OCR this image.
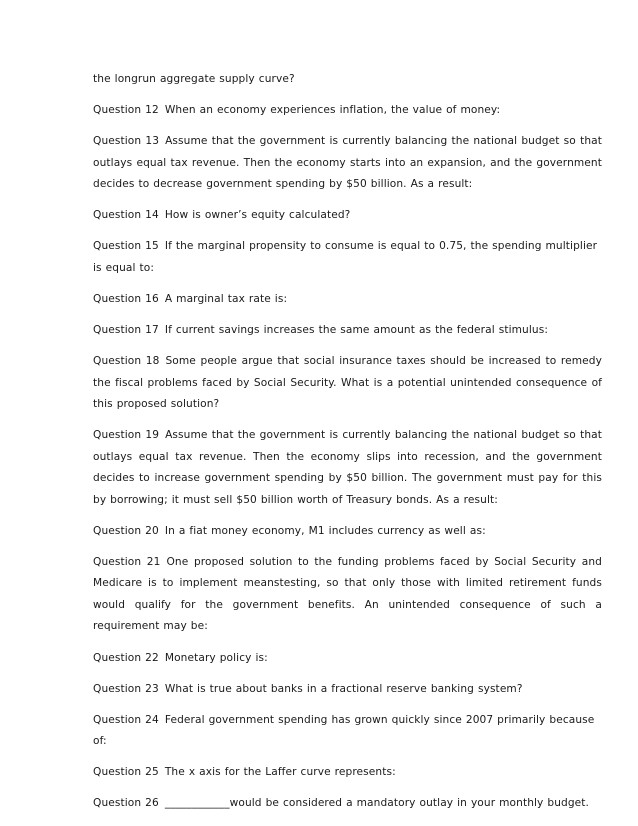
the longrun aggregate supply curve?

Question 12 When an economy experiences inflation, the value of money:

Question 13 Assume that the government is currently balancing the national budget so that outlays equal tax revenue. Then the economy starts into an expansion, and the government decides to decrease government spending by $50 billion. As a result:

Question 14 How is owner’s equity calculated?

Question 15 If the marginal propensity to consume is equal to 0.75, the spending multiplier is equal to:

Question 16 A marginal tax rate is:

Question 17 If current savings increases the same amount as the federal stimulus:

Question 18 Some people argue that social insurance taxes should be increased to remedy the fiscal problems faced by Social Security. What is a potential unintended consequence of this proposed solution?

Question 19 Assume that the government is currently balancing the national budget so that outlays equal tax revenue. Then the economy slips into recession, and the government decides to increase government spending by $50 billion. The government must pay for this by borrowing; it must sell $50 billion worth of Treasury bonds. As a result:

Question 20 In a fiat money economy, M1 includes currency as well as:

Question 21 One proposed solution to the funding problems faced by Social Security and Medicare is to implement meanstesting, so that only those with limited retirement funds would qualify for the government benefits. An unintended consequence of such a requirement may be:

Question 22 Monetary policy is:

Question 23 What is true about banks in a fractional reserve banking system?

Question 24 Federal government spending has grown quickly since 2007 primarily because of:

Question 25 The x axis for the Laffer curve represents:

Question 26 ____________would be considered a mandatory outlay in your monthly budget.
